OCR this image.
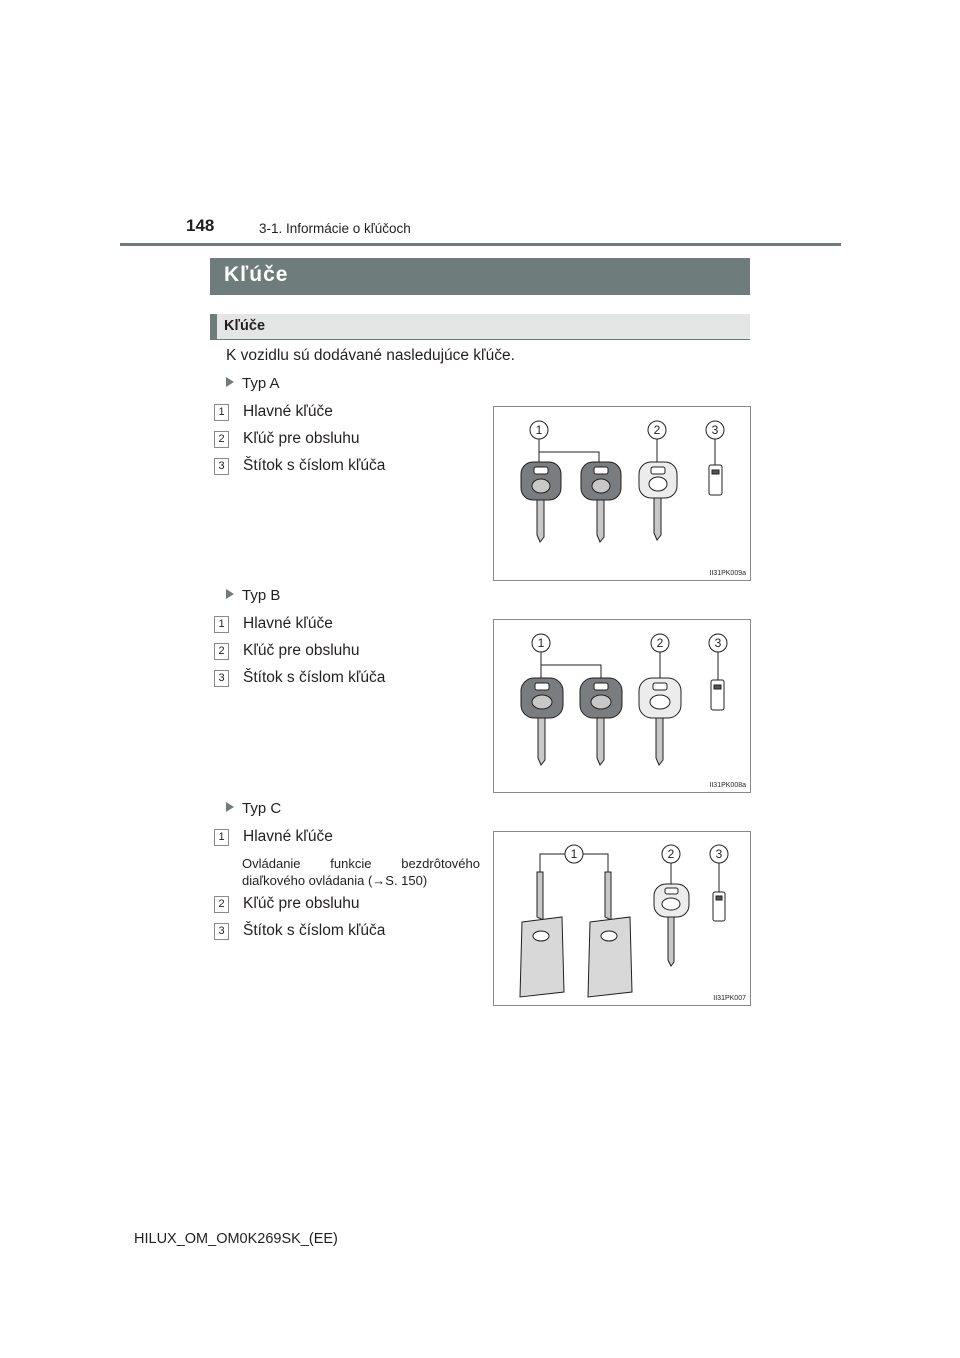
148	3-1. Informácie o kľúčoch
Kľúče
Kľúče
K vozidlu sú dodávané nasledujúce kľúče.
Typ A
1 Hlavné kľúče
2 Kľúč pre obsluhu
3 Štítok s číslom kľúča
1	2	3
II31PK009a
Typ B
1 Hlavné kľúče
2 Kľúč pre obsluhu
3 Štítok s číslom kľúča
1	2	3
II31PK008a
Typ C
1 Hlavné kľúče
Ovládanie funkcie bezdrôtového
diaľkového ovládania (→S. 150)
2 Kľúč pre obsluhu
3 Štítok s číslom kľúča
1	2	3
II31PK007
HILUX_OM_OM0K269SK_(EE)
